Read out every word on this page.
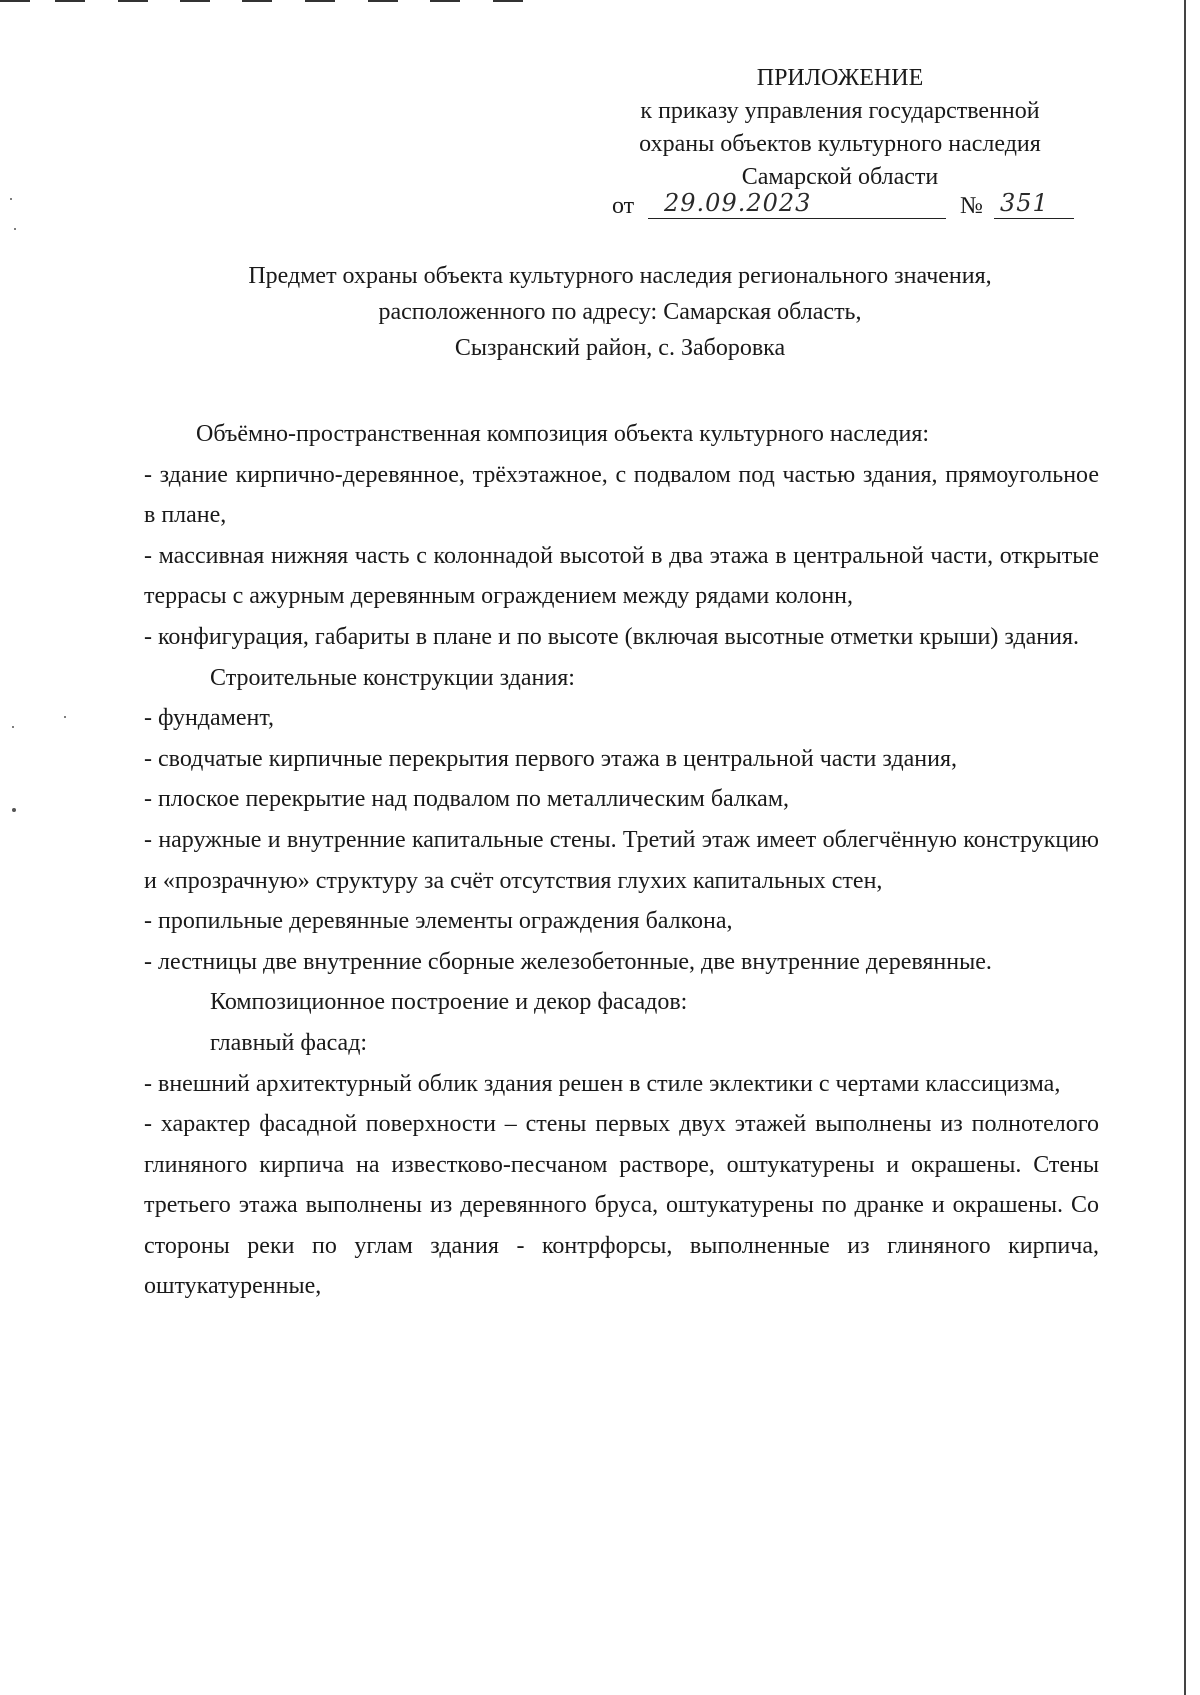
ПРИЛОЖЕНИЕ
к приказу управления государственной
охраны объектов культурного наследия
Самарской области
от	29.09.2023	№ 351
Предмет охраны объекта культурного наследия регионального значения,
расположенного по адресу: Самарская область,
Сызранский район, с. Заборовка

Объёмно-пространственная композиция объекта культурного наследия:

- здание кирпично-деревянное, трёхэтажное, с подвалом под частью здания, прямоугольное в плане,

- массивная нижняя часть с колоннадой высотой в два этажа в центральной части, открытые террасы с ажурным деревянным ограждением между рядами колонн,

- конфигурация, габариты в плане и по высоте (включая высотные отметки крыши) здания.

Строительные конструкции здания:

- фундамент,

- сводчатые кирпичные перекрытия первого этажа в центральной части здания,

- плоское перекрытие над подвалом по металлическим балкам,

- наружные и внутренние капитальные стены. Третий этаж имеет облегчённую конструкцию и «прозрачную» структуру за счёт отсутствия глухих капитальных стен,

- пропильные деревянные элементы ограждения балкона,

- лестницы две внутренние сборные железобетонные, две внутренние деревянные.

Композиционное построение и декор фасадов:

главный фасад:

- внешний архитектурный облик здания решен в стиле эклектики с чертами классицизма,

- характер фасадной поверхности – стены первых двух этажей выполнены из полнотелого глиняного кирпича на известково-песчаном растворе, оштукатурены и окрашены. Стены третьего этажа выполнены из деревянного бруса, оштукатурены по дранке и окрашены. Со стороны реки по углам здания - контрфорсы, выполненные из глиняного кирпича, оштукатуренные,
